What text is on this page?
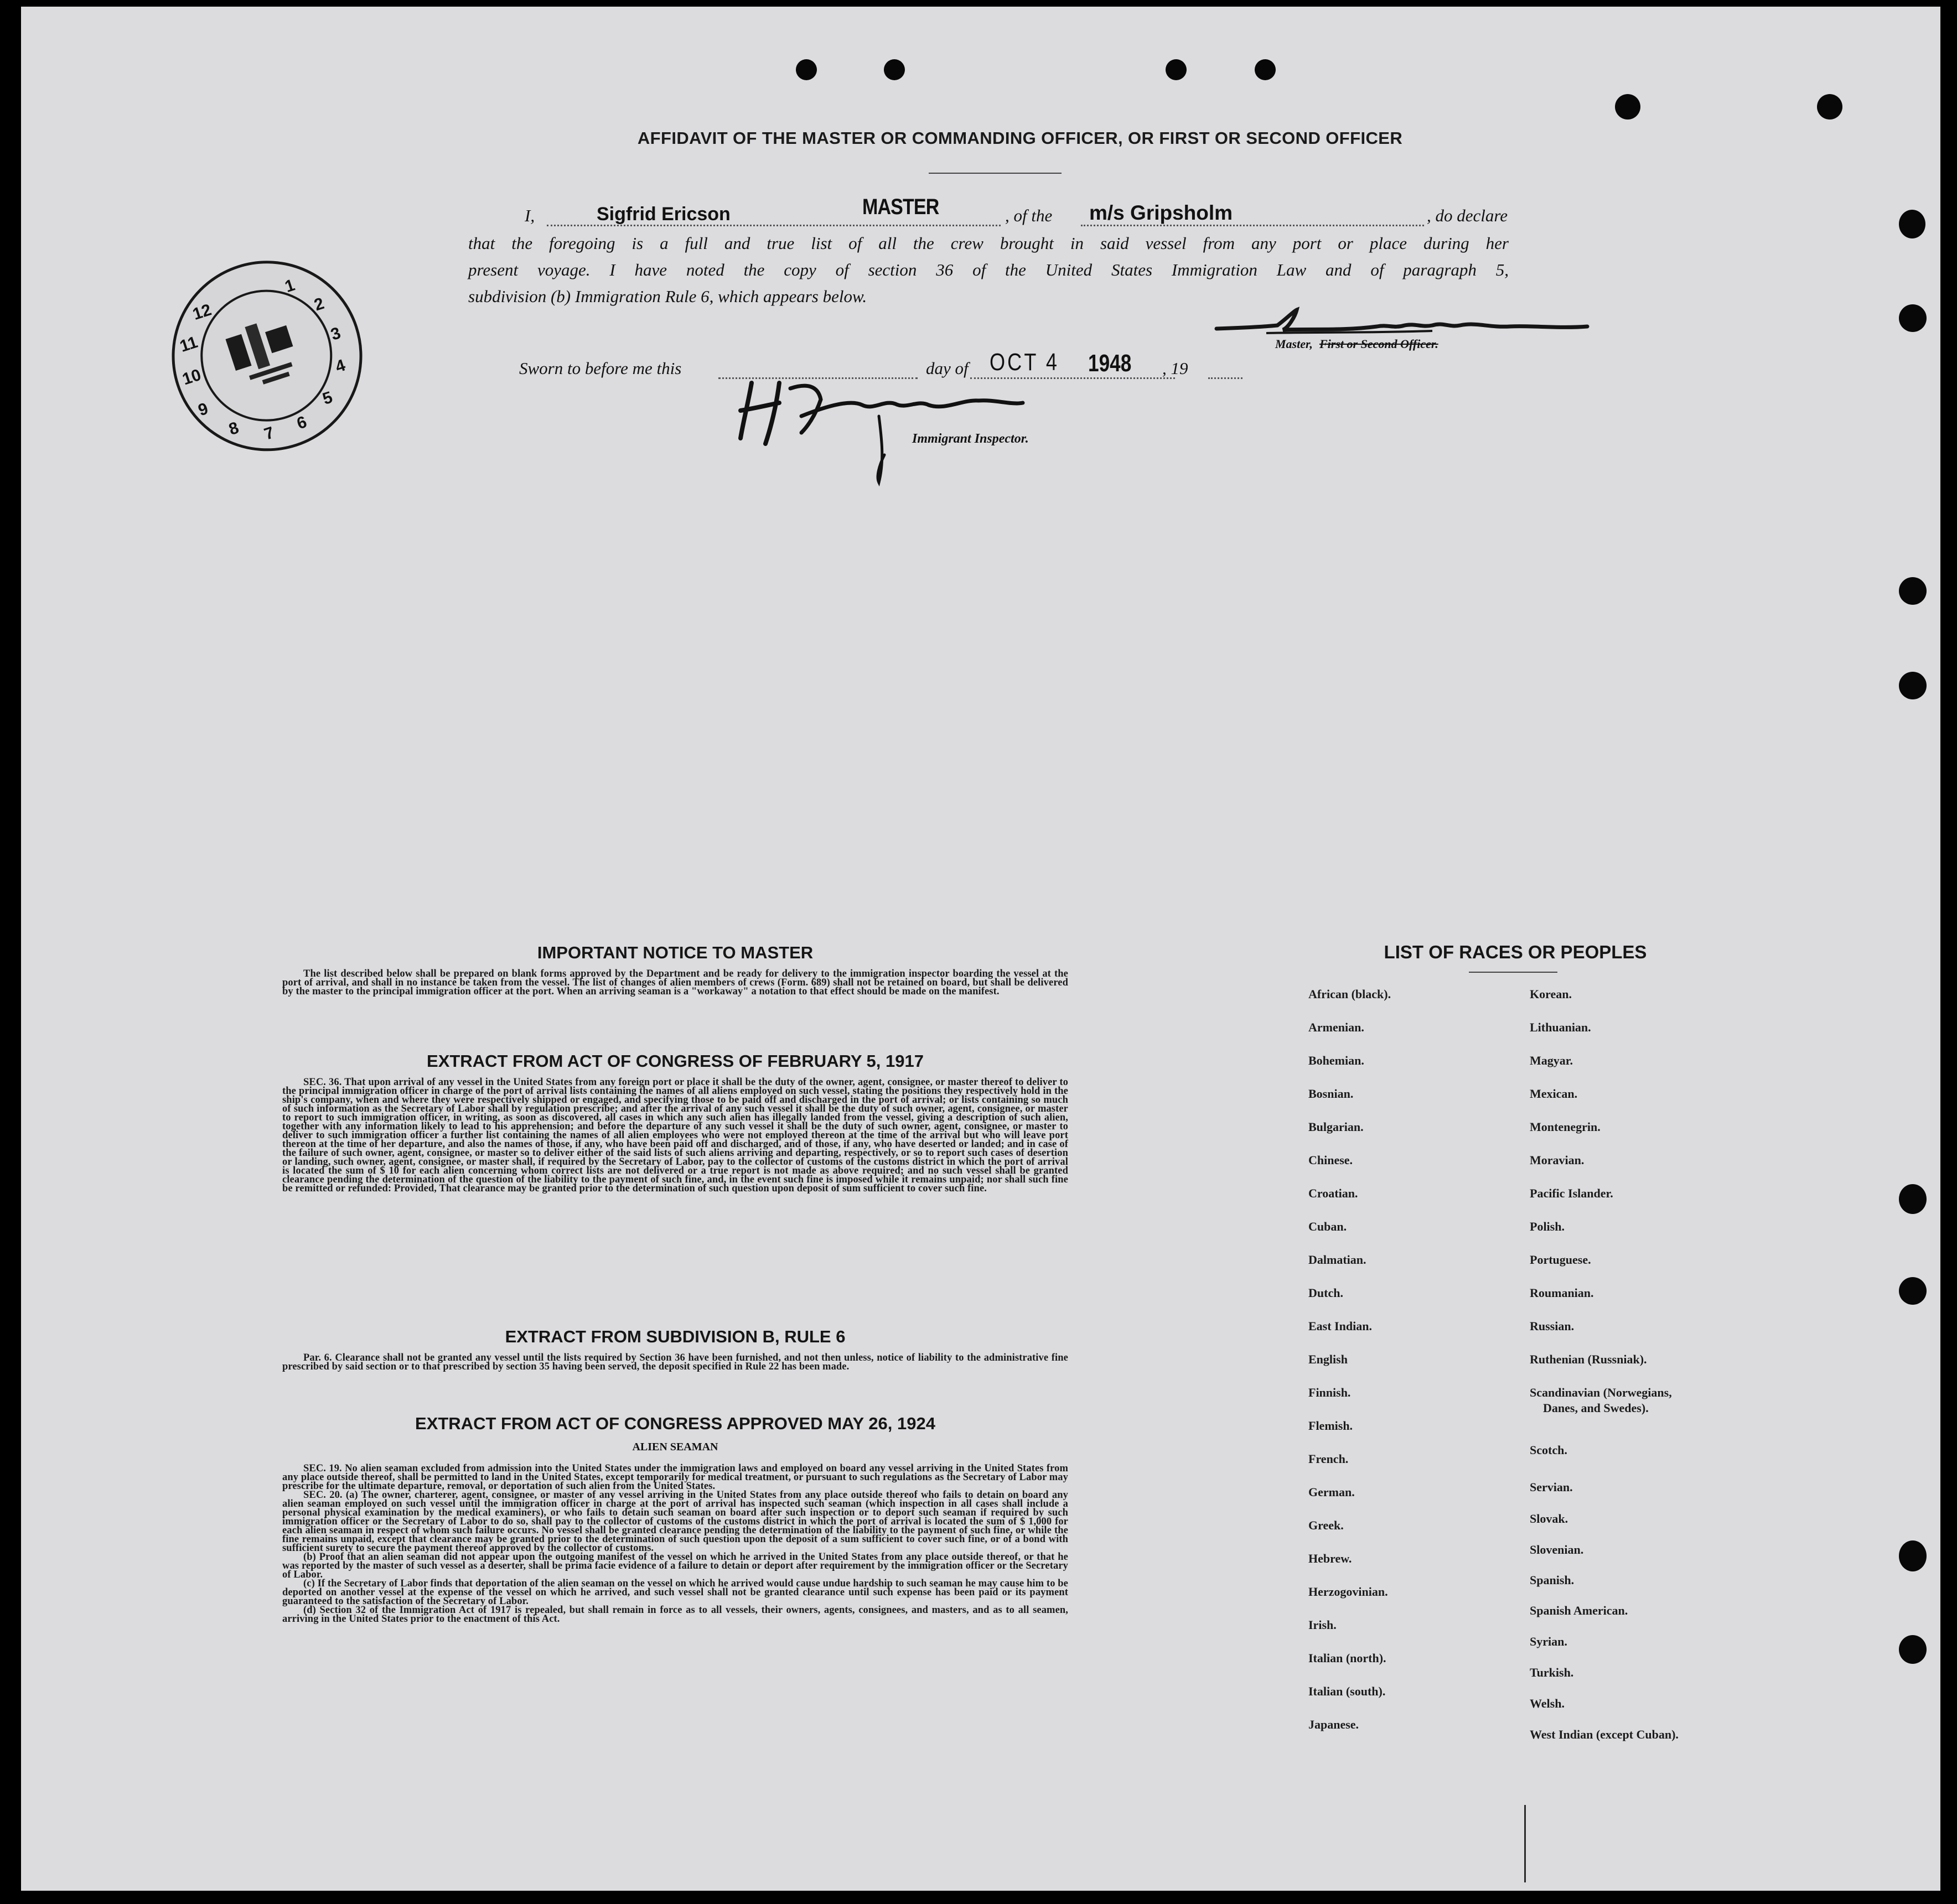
AFFIDAVIT OF THE MASTER OR COMMANDING OFFICER, OR FIRST OR SECOND OFFICER
I,	Sigfrid Ericson	MASTER	, of the m/s Gripsholm	, do declare
that the foregoing is a full and true list of all the crew brought in said vessel from any port or place during her
present voyage. I have noted the copy of section 36 of the United States Immigration Law and of paragraph 5,
subdivision (b) Immigration Rule 6, which appears below.
Master, First or Second Officer.
Sworn to before me this	day of OCT 4 1948 , 19
Immigrant Inspector.
1
2
3
4
5
6
7
8
9
10
11
12
IMPORTANT NOTICE TO MASTER

The list described below shall be prepared on blank forms approved by the Department and be ready for delivery to the immigration inspector boarding the vessel at the port of arrival, and shall in no instance be taken from the vessel. The list of changes of alien members of crews (Form. 689) shall not be retained on board, but shall be delivered by the master to the principal immigration officer at the port. When an arriving seaman is a "workaway" a notation to that effect should be made on the manifest.

EXTRACT FROM ACT OF CONGRESS OF FEBRUARY 5, 1917

SEC. 36. That upon arrival of any vessel in the United States from any foreign port or place it shall be the duty of the owner, agent, consignee, or master thereof to deliver to the principal immigration officer in charge of the port of arrival lists containing the names of all aliens employed on such vessel, stating the positions they respectively hold in the ship's company, when and where they were respectively shipped or engaged, and specifying those to be paid off and discharged in the port of arrival; or lists containing so much of such information as the Secretary of Labor shall by regulation prescribe; and after the arrival of any such vessel it shall be the duty of such owner, agent, consignee, or master to report to such immigration officer, in writing, as soon as discovered, all cases in which any such alien has illegally landed from the vessel, giving a description of such alien, together with any information likely to lead to his apprehension; and before the departure of any such vessel it shall be the duty of such owner, agent, consignee, or master to deliver to such immigration officer a further list containing the names of all alien employees who were not employed thereon at the time of the arrival but who will leave port thereon at the time of her departure, and also the names of those, if any, who have been paid off and discharged, and of those, if any, who have deserted or landed; and in case of the failure of such owner, agent, consignee, or master so to deliver either of the said lists of such aliens arriving and departing, respectively, or so to report such cases of desertion or landing, such owner, agent, consignee, or master shall, if required by the Secretary of Labor, pay to the collector of customs of the customs district in which the port of arrival is located the sum of $ 10 for each alien concerning whom correct lists are not delivered or a true report is not made as above required; and no such vessel shall be granted clearance pending the determination of the question of the liability to the payment of such fine, and, in the event such fine is imposed while it remains unpaid; nor shall such fine be remitted or refunded: Provided, That clearance may be granted prior to the determination of such question upon deposit of sum sufficient to cover such fine.

EXTRACT FROM SUBDIVISION B, RULE 6

Par. 6. Clearance shall not be granted any vessel until the lists required by Section 36 have been furnished, and not then unless, notice of liability to the administrative fine prescribed by said section or to that prescribed by section 35 having been served, the deposit specified in Rule 22 has been made.

EXTRACT FROM ACT OF CONGRESS APPROVED MAY 26, 1924
ALIEN SEAMAN

SEC. 19. No alien seaman excluded from admission into the United States under the immigration laws and employed on board any vessel arriving in the United States from any place outside thereof, shall be permitted to land in the United States, except temporarily for medical treatment, or pursuant to such regulations as the Secretary of Labor may prescribe for the ultimate departure, removal, or deportation of such alien from the United States.

SEC. 20. (a) The owner, charterer, agent, consignee, or master of any vessel arriving in the United States from any place outside thereof who fails to detain on board any alien seaman employed on such vessel until the immigration officer in charge at the port of arrival has inspected such seaman (which inspection in all cases shall include a personal physical examination by the medical examiners), or who fails to detain such seaman on board after such inspection or to deport such seaman if required by such immigration officer or the Secretary of Labor to do so, shall pay to the collector of customs of the customs district in which the port of arrival is located the sum of $ 1,000 for each alien seaman in respect of whom such failure occurs. No vessel shall be granted clearance pending the determination of the liability to the payment of such fine, or while the fine remains unpaid, except that clearance may be granted prior to the determination of such question upon the deposit of a sum sufficient to cover such fine, or of a bond with sufficient surety to secure the payment thereof approved by the collector of customs.

(b) Proof that an alien seaman did not appear upon the outgoing manifest of the vessel on which he arrived in the United States from any place outside thereof, or that he was reported by the master of such vessel as a deserter, shall be prima facie evidence of a failure to detain or deport after requirement by the immigration officer or the Secretary of Labor.

(c) If the Secretary of Labor finds that deportation of the alien seaman on the vessel on which he arrived would cause undue hardship to such seaman he may cause him to be deported on another vessel at the expense of the vessel on which he arrived, and such vessel shall not be granted clearance until such expense has been paid or its payment guaranteed to the satisfaction of the Secretary of Labor.

(d) Section 32 of the Immigration Act of 1917 is repealed, but shall remain in force as to all vessels, their owners, agents, consignees, and masters, and as to all seamen, arriving in the United States prior to the enactment of this Act.

LIST OF RACES OR PEOPLES
African (black).
Armenian.
Bohemian.
Bosnian.
Bulgarian.
Chinese.
Croatian.
Cuban.
Dalmatian.
Dutch.
East Indian.
English
Finnish.
Flemish.
French.
German.
Greek.
Hebrew.
Herzogovinian.
Irish.
Italian (north).
Italian (south).
Japanese.
Korean.
Lithuanian.
Magyar.
Mexican.
Montenegrin.
Moravian.
Pacific Islander.
Polish.
Portuguese.
Roumanian.
Russian.
Ruthenian (Russniak).
Scandinavian (Norwegians,
Danes, and Swedes).
Scotch.
Servian.
Slovak.
Slovenian.
Spanish.
Spanish American.
Syrian.
Turkish.
Welsh.
West Indian (except Cuban).
